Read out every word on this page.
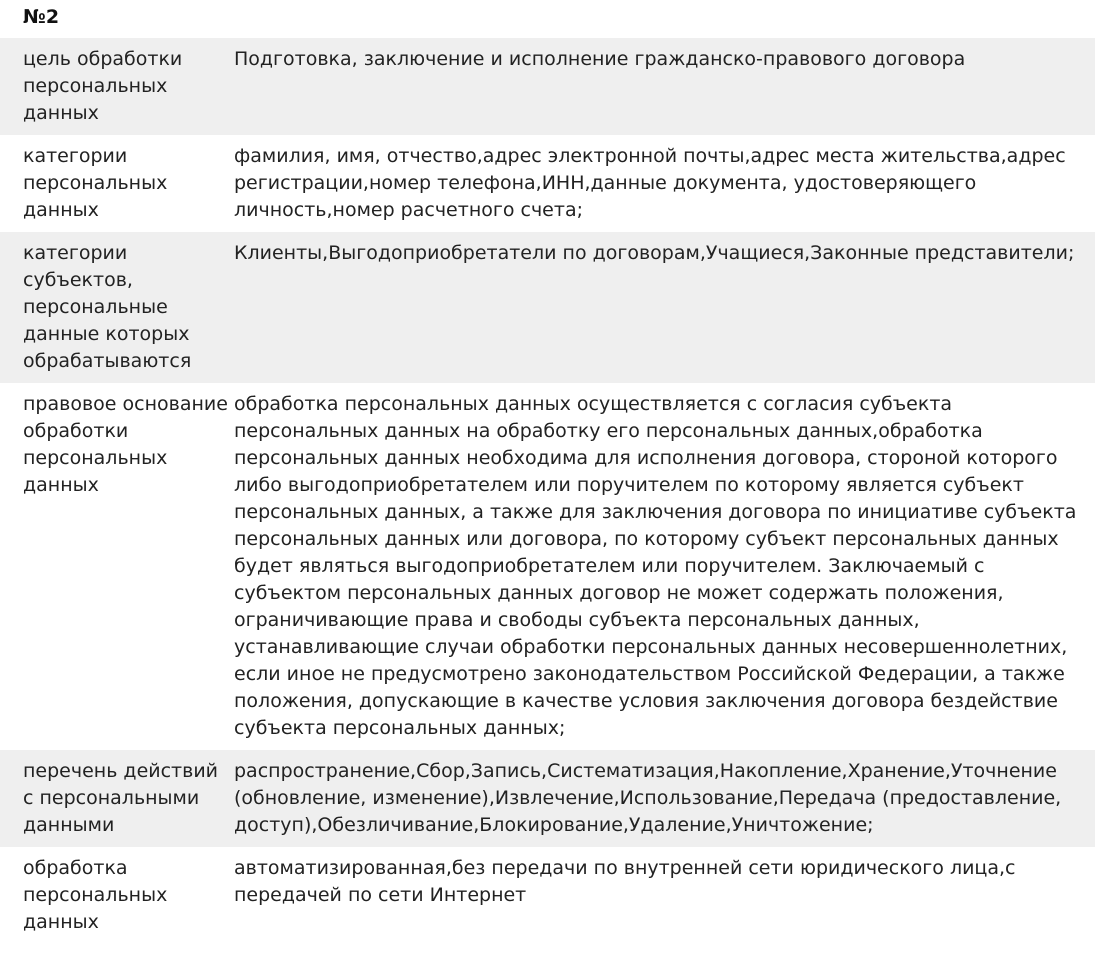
№2
цель обработки персональных данных	Подготовка, заключение и исполнение гражданско-правового договора
категории персональных данных	фамилия, имя, отчество,адрес электронной почты,адрес места жительства,адрес регистрации,номер телефона,ИНН,данные документа, удостоверяющего личность,номер расчетного счета;
категории субъектов, персональные данные которых обрабатываются	Клиенты,Выгодоприобретатели по договорам,Учащиеся,Законные представители;
правовое основание обработки персональных данных	обработка персональных данных осуществляется с согласия субъекта персональных данных на обработку его персональных данных,обработка персональных данных необходима для исполнения договора, стороной которого либо выгодоприобретателем или поручителем по которому является субъект персональных данных, а также для заключения договора по инициативе субъекта персональных данных или договора, по которому субъект персональных данных будет являться выгодоприобретателем или поручителем. Заключаемый с субъектом персональных данных договор не может содержать положения, ограничивающие права и свободы субъекта персональных данных, устанавливающие случаи обработки персональных данных несовершеннолетних, если иное не предусмотрено законодательством Российской Федерации, а также положения, допускающие в качестве условия заключения договора бездействие субъекта персональных данных;
перечень действий с персональными данными	распространение,Сбор,Запись,Систематизация,Накопление,Хранение,Уточнение (обновление, изменение),Извлечение,Использование,Передача (предоставление, доступ),Обезличивание,Блокирование,Удаление,Уничтожение;
обработка персональных данных	автоматизированная,без передачи по внутренней сети юридического лица,с передачей по сети Интернет
